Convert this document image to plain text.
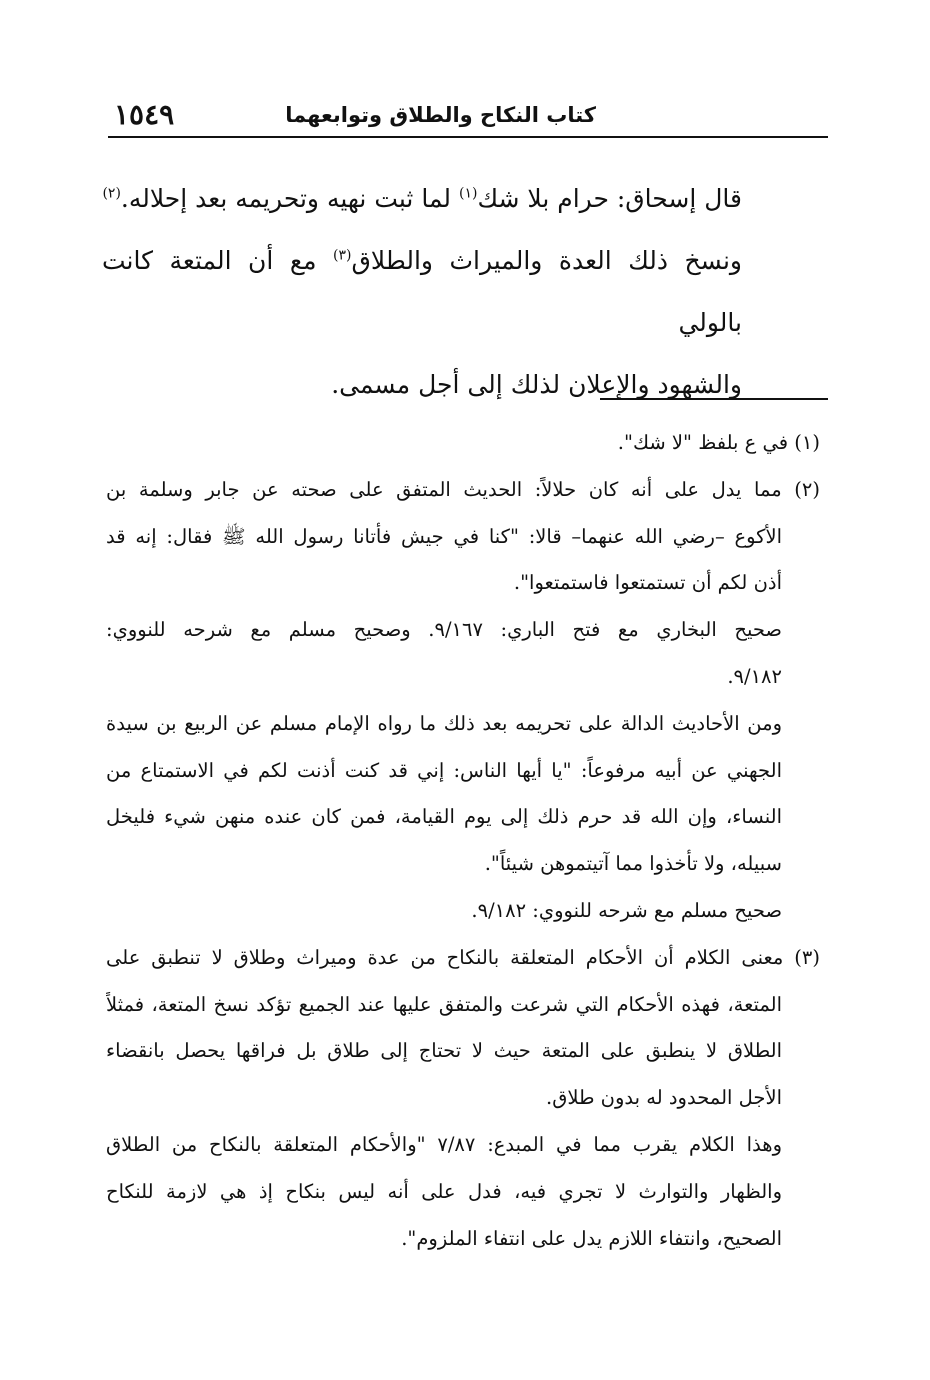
كتاب النكاح والطلاق وتوابعهما
١٥٤٩
قال إسحاق: حرام بلا شك$^{(١)}$ لما ثبت نهيه وتحريمه بعد إحلاله.$^{(٢)}$
ونسخ ذلك العدة والميراث والطلاق$^{(٣)}$ مع أن المتعة كانت بالولي
والشهود والإعلان لذلك إلى أجل مسمى.
(١) في ع بلفظ "لا شك".
(٢) مما يدل على أنه كان حلالاً: الحديث المتفق على صحته عن جابر وسلمة بن
الأكوع –رضي الله عنهما– قالا: "كنا في جيش فأتانا رسول الله ﷺ فقال: إنه قد
أذن لكم أن تستمتعوا فاستمتعوا".
صحيح البخاري مع فتح الباري: ٩/١٦٧. وصحيح مسلم مع شرحه للنووي:
٩/١٨٢.
ومن الأحاديث الدالة على تحريمه بعد ذلك ما رواه الإمام مسلم عن الربيع بن سيدة
الجهني عن أبيه مرفوعاً: "يا أيها الناس: إني قد كنت أذنت لكم في الاستمتاع من
النساء، وإن الله قد حرم ذلك إلى يوم القيامة، فمن كان عنده منهن شيء فليخل
سبيله، ولا تأخذوا مما آتيتموهن شيئاً".
صحيح مسلم مع شرحه للنووي: ٩/١٨٢.
(٣) معنى الكلام أن الأحكام المتعلقة بالنكاح من عدة وميراث وطلاق لا تنطبق على
المتعة، فهذه الأحكام التي شرعت والمتفق عليها عند الجميع تؤكد نسخ المتعة، فمثلاً
الطلاق لا ينطبق على المتعة حيث لا تحتاج إلى طلاق بل فراقها يحصل بانقضاء
الأجل المحدود له بدون طلاق.
وهذا الكلام يقرب مما في المبدع: ٧/٨٧ "والأحكام المتعلقة بالنكاح من الطلاق
والظهار والتوارث لا تجري فيه، فدل على أنه ليس بنكاح إذ هي لازمة للنكاح
الصحيح، وانتفاء اللازم يدل على انتفاء الملزوم".
